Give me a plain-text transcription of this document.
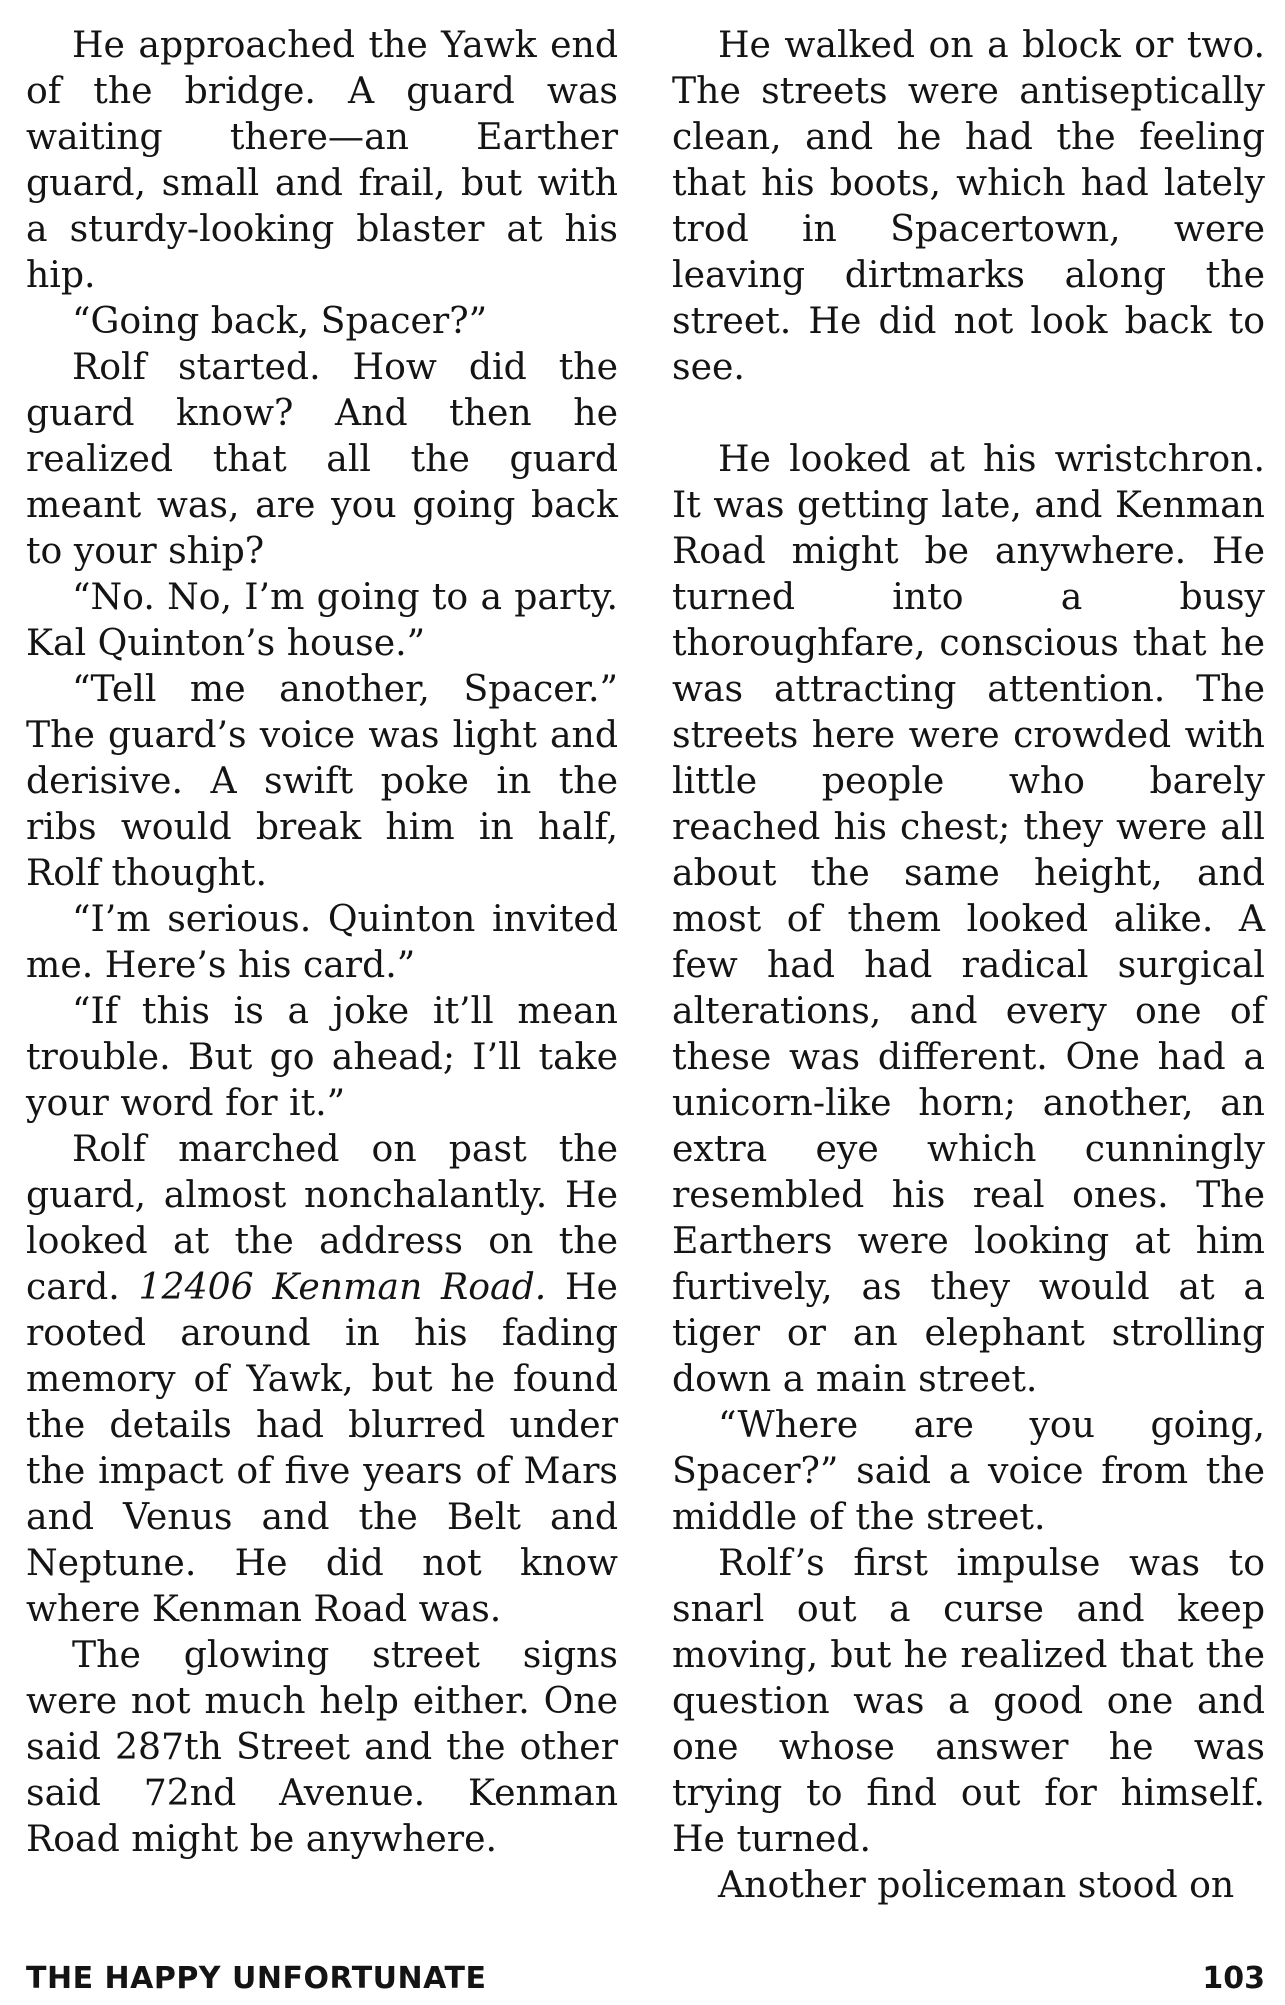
He approached the Yawk end of the bridge. A guard was waiting there—an Earther guard, small and frail, but with a sturdy-looking blaster at his hip.

“Going back, Spacer?”

Rolf started. How did the guard know? And then he realized that all the guard meant was, are you going back to your ship?

“No. No, I’m going to a party. Kal Quinton’s house.”

“Tell me another, Spacer.” The guard’s voice was light and derisive. A swift poke in the ribs would break him in half, Rolf thought.

“I’m serious. Quinton invited me. Here’s his card.”

“If this is a joke it’ll mean trouble. But go ahead; I’ll take your word for it.”

Rolf marched on past the guard, almost nonchalantly. He looked at the address on the card. 12406 Kenman Road. He rooted around in his fading memory of Yawk, but he found the details had blurred under the impact of five years of Mars and Venus and the Belt and Neptune. He did not know where Kenman Road was.

The glowing street signs were not much help either. One said 287th Street and the other said 72nd Avenue. Kenman Road might be anywhere.

He walked on a block or two. The streets were antiseptically clean, and he had the feeling that his boots, which had lately trod in Spacertown, were leaving dirtmarks along the street. He did not look back to see.

He looked at his wristchron. It was getting late, and Kenman Road might be anywhere. He turned into a busy thoroughfare, conscious that he was attracting attention. The streets here were crowded with little people who barely reached his chest; they were all about the same height, and most of them looked alike. A few had had radical surgical alterations, and every one of these was different. One had a unicorn-like horn; another, an extra eye which cunningly resembled his real ones. The Earthers were looking at him furtively, as they would at a tiger or an elephant strolling down a main street.

“Where are you going, Spacer?” said a voice from the middle of the street.

Rolf’s first impulse was to snarl out a curse and keep moving, but he realized that the question was a good one and one whose answer he was trying to find out for himself. He turned.

Another policeman stood on

THE HAPPY UNFORTUNATE	103
